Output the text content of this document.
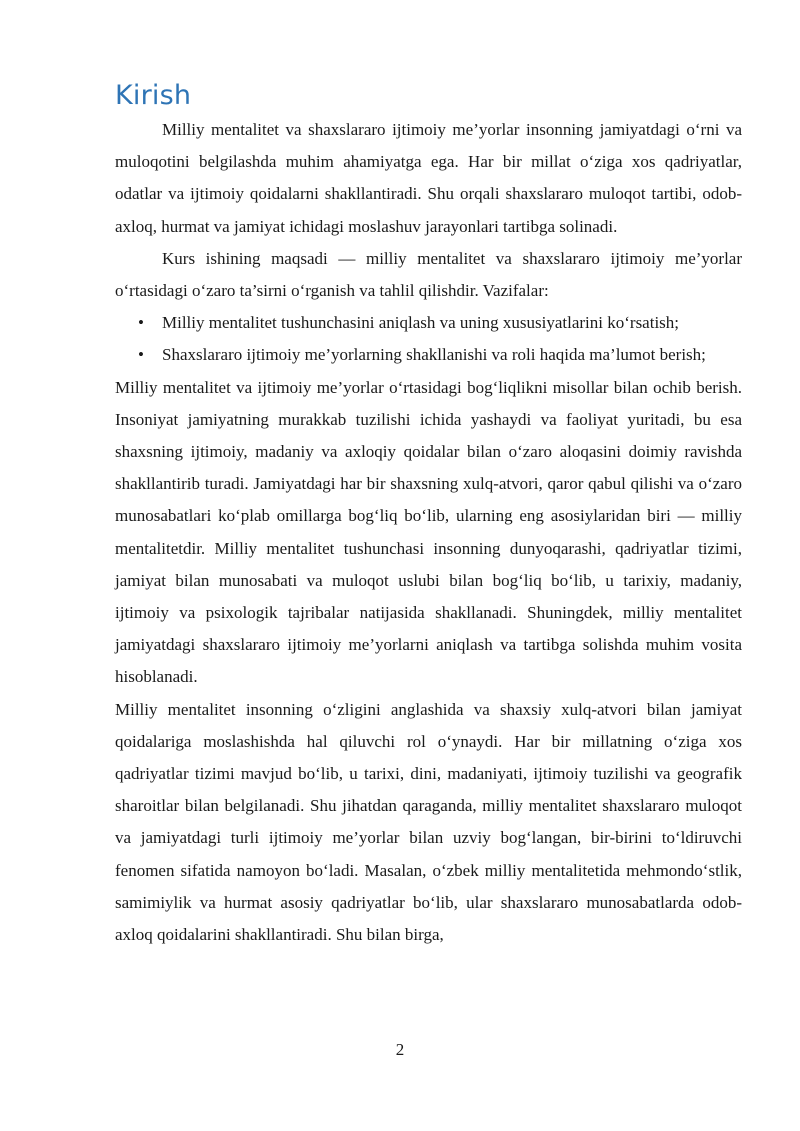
Kirish

Milliy mentalitet va shaxslararo ijtimoiy me’yorlar insonning jamiyatdagi o‘rni va muloqotini belgilashda muhim ahamiyatga ega. Har bir millat o‘ziga xos qadriyatlar, odatlar va ijtimoiy qoidalarni shakllantiradi. Shu orqali shaxslararo muloqot tartibi, odob-axloq, hurmat va jamiyat ichidagi moslashuv jarayonlari tartibga solinadi.

Kurs ishining maqsadi — milliy mentalitet va shaxslararo ijtimoiy me’yorlar o‘rtasidagi o‘zaro ta’sirni o‘rganish va tahlil qilishdir. Vazifalar:

• Milliy mentalitet tushunchasini aniqlash va uning xususiyatlarini ko‘rsatish;
• Shaxslararo ijtimoiy me’yorlarning shakllanishi va roli haqida ma’lumot berish;

Milliy mentalitet va ijtimoiy me’yorlar o‘rtasidagi bog‘liqlikni misollar bilan ochib berish. Insoniyat jamiyatning murakkab tuzilishi ichida yashaydi va faoliyat yuritadi, bu esa shaxsning ijtimoiy, madaniy va axloqiy qoidalar bilan o‘zaro aloqasini doimiy ravishda shakllantirib turadi. Jamiyatdagi har bir shaxsning xulq-atvori, qaror qabul qilishi va o‘zaro munosabatlari ko‘plab omillarga bog‘liq bo‘lib, ularning eng asosiylaridan biri — milliy mentalitetdir. Milliy mentalitet tushunchasi insonning dunyoqarashi, qadriyatlar tizimi, jamiyat bilan munosabati va muloqot uslubi bilan bog‘liq bo‘lib, u tarixiy, madaniy, ijtimoiy va psixologik tajribalar natijasida shakllanadi. Shuningdek, milliy mentalitet jamiyatdagi shaxslararo ijtimoiy me’yorlarni aniqlash va tartibga solishda muhim vosita hisoblanadi.

Milliy mentalitet insonning o‘zligini anglashida va shaxsiy xulq-atvori bilan jamiyat qoidalariga moslashishda hal qiluvchi rol o‘ynaydi. Har bir millatning o‘ziga xos qadriyatlar tizimi mavjud bo‘lib, u tarixi, dini, madaniyati, ijtimoiy tuzilishi va geografik sharoitlar bilan belgilanadi. Shu jihatdan qaraganda, milliy mentalitet shaxslararo muloqot va jamiyatdagi turli ijtimoiy me’yorlar bilan uzviy bog‘langan, bir-birini to‘ldiruvchi fenomen sifatida namoyon bo‘ladi. Masalan, o‘zbek milliy mentalitetida mehmondo‘stlik, samimiylik va hurmat asosiy qadriyatlar bo‘lib, ular shaxslararo munosabatlarda odob-axloq qoidalarini shakllantiradi. Shu bilan birga,

2
